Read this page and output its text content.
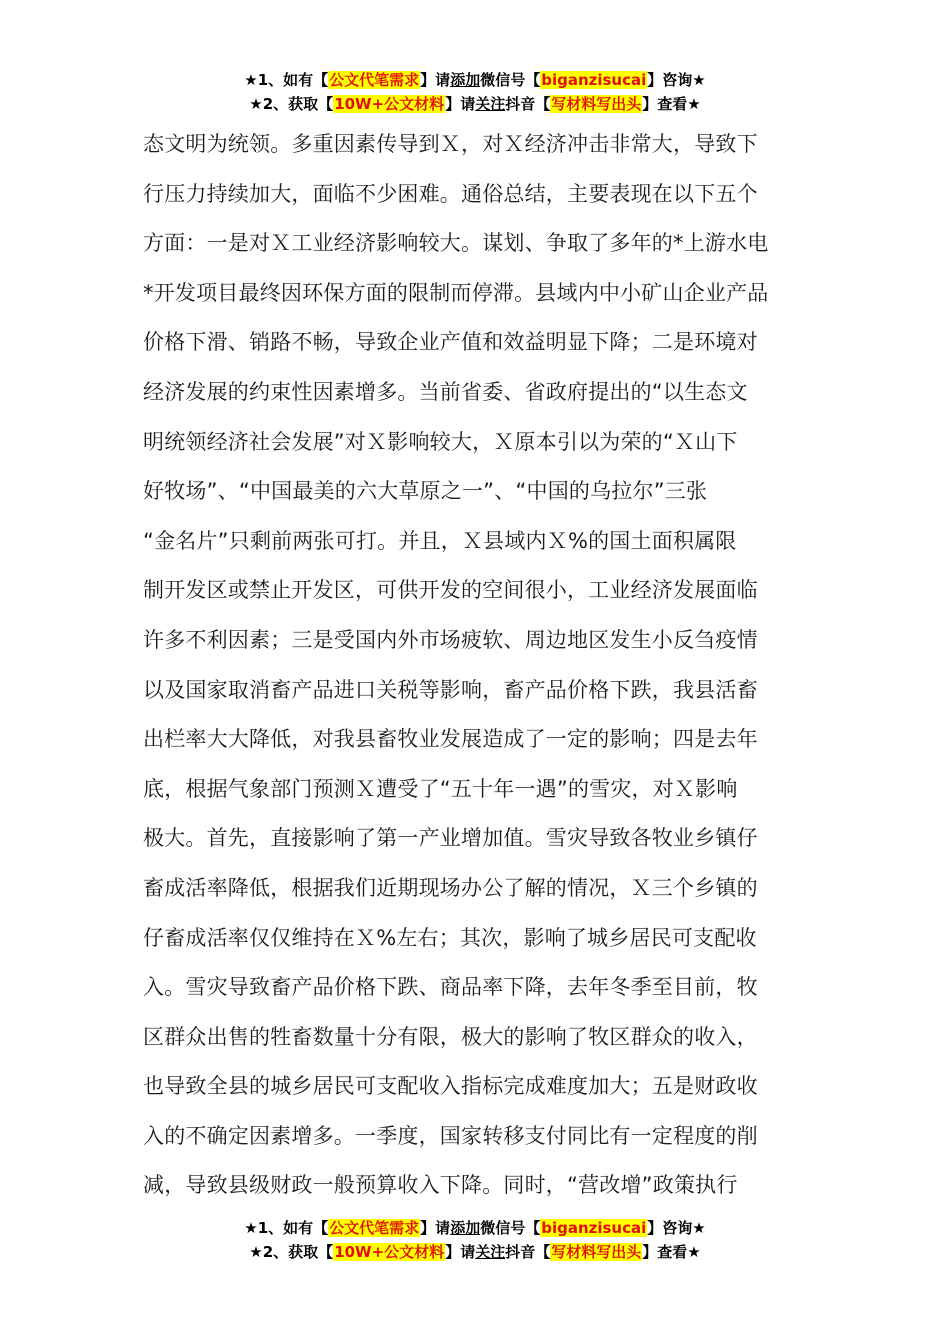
★1、如有【公文代笔需求】请添加微信号【biganzisucai】咨询★
★2、获取【10W+公文材料】请关注抖音【写材料写出头】查看★
态文明为统领。多重因素传导到Ｘ，对Ｘ经济冲击非常大，导致下
行压力持续加大，面临不少困难。通俗总结，主要表现在以下五个
方面：一是对Ｘ工业经济影响较大。谋划、争取了多年的*上游水电
*开发项目最终因环保方面的限制而停滞。县域内中小矿山企业产品
价格下滑、销路不畅，导致企业产值和效益明显下降；二是环境对
经济发展的约束性因素增多。当前省委、省政府提出的“以生态文
明统领经济社会发展”对Ｘ影响较大，Ｘ原本引以为荣的“Ｘ山下
好牧场”、“中国最美的六大草原之一”、“中国的乌拉尔”三张
“金名片”只剩前两张可打。并且，Ｘ县域内Ｘ%的国土面积属限
制开发区或禁止开发区，可供开发的空间很小，工业经济发展面临
许多不利因素；三是受国内外市场疲软、周边地区发生小反刍疫情
以及国家取消畜产品进口关税等影响，畜产品价格下跌，我县活畜
出栏率大大降低，对我县畜牧业发展造成了一定的影响；四是去年
底，根据气象部门预测Ｘ遭受了“五十年一遇”的雪灾，对Ｘ影响
极大。首先，直接影响了第一产业增加值。雪灾导致各牧业乡镇仔
畜成活率降低，根据我们近期现场办公了解的情况，Ｘ三个乡镇的
仔畜成活率仅仅维持在Ｘ%左右；其次，影响了城乡居民可支配收
入。雪灾导致畜产品价格下跌、商品率下降，去年冬季至目前，牧
区群众出售的牲畜数量十分有限，极大的影响了牧区群众的收入，
也导致全县的城乡居民可支配收入指标完成难度加大；五是财政收
入的不确定因素增多。一季度，国家转移支付同比有一定程度的削
减，导致县级财政一般预算收入下降。同时，“营改增”政策执行
★1、如有【公文代笔需求】请添加微信号【biganzisucai】咨询★
★2、获取【10W+公文材料】请关注抖音【写材料写出头】查看★
